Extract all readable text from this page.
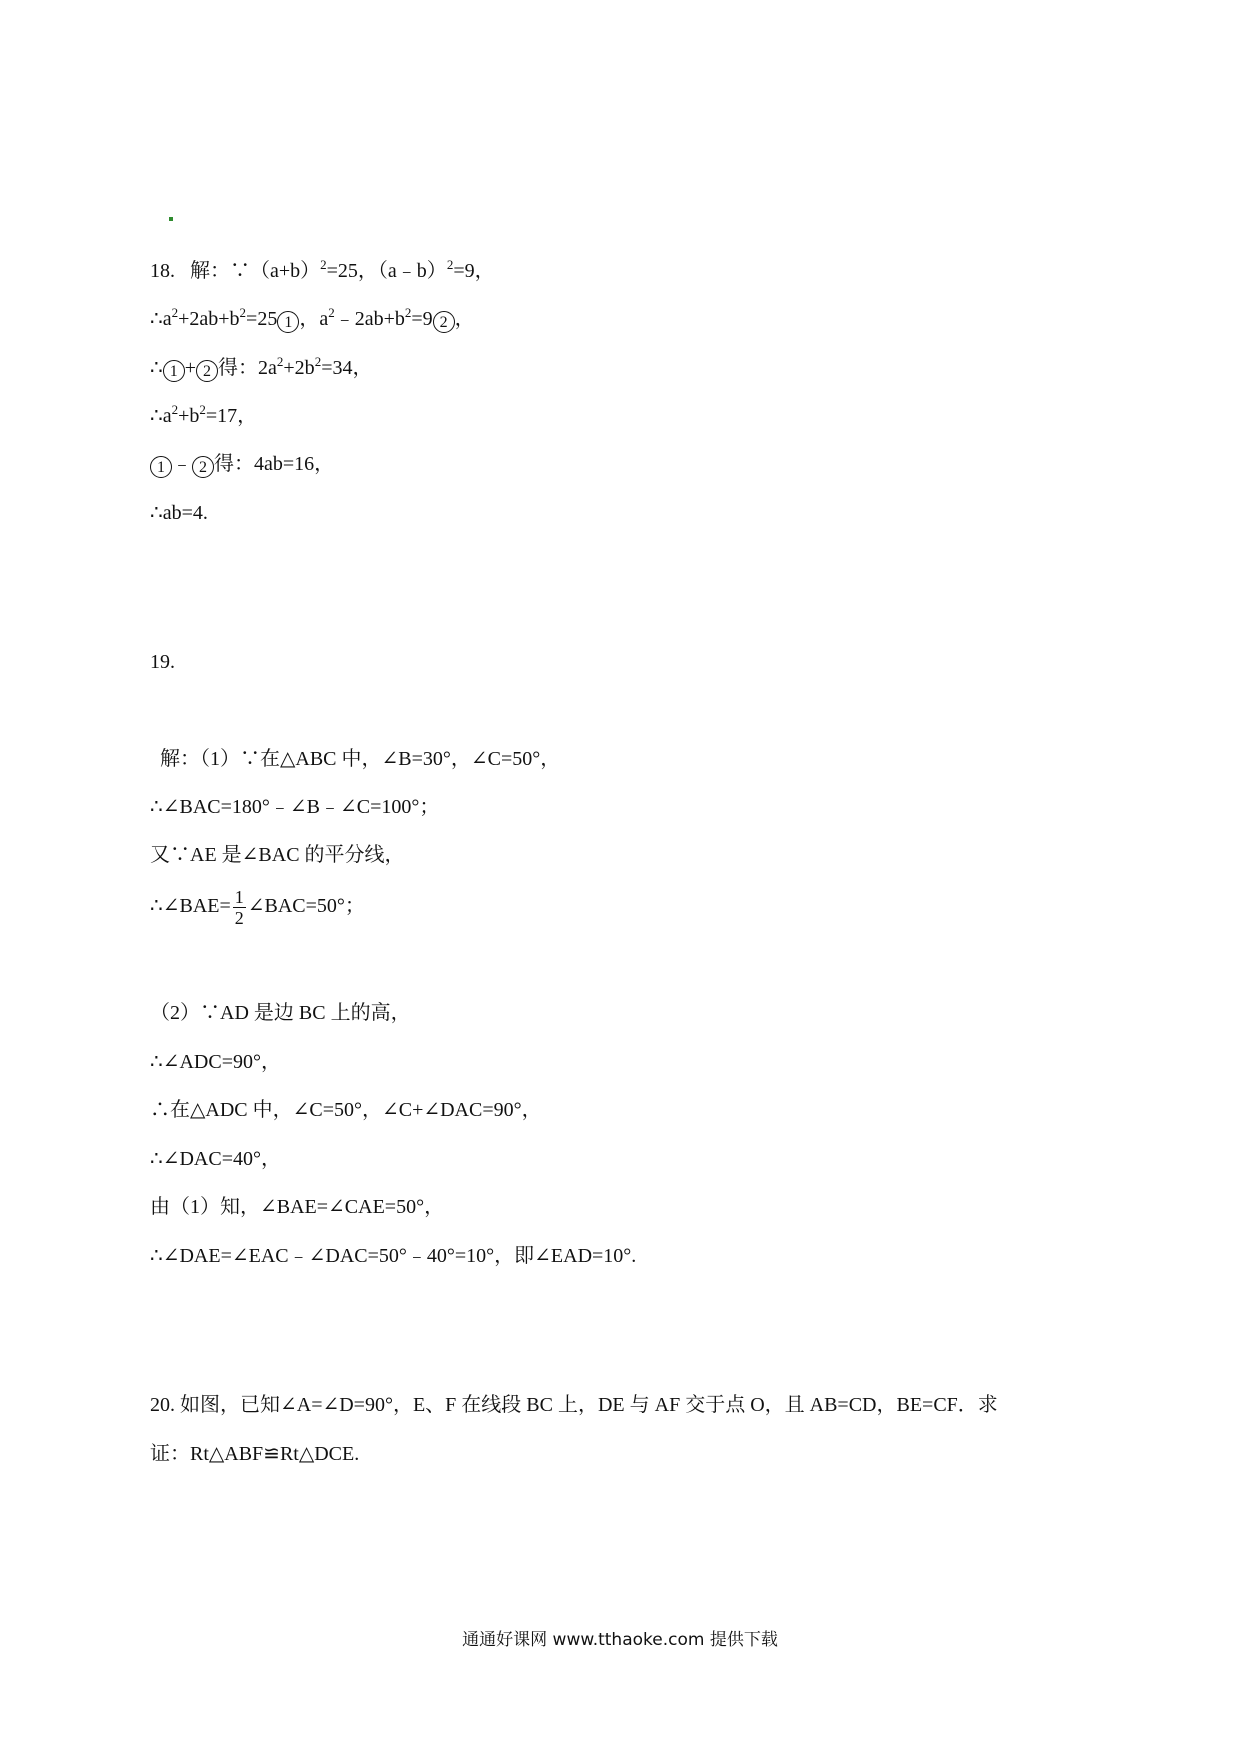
18. 解：$\because(a+b)^2=25$，（a﹣b）$^2$=9，
$\therefore a^2+2ab+b^2=25$ 1 ，$a^2﹣2ab+b^2=9$ 2 ，
∴ 1 + 2 得：$2a^2+2b^2=34$，
$\therefore a^2+b^2=17$，
1 ﹣ 2 得：4ab=16，
∴ab=4.
19.
解：（1）∵在△ABC 中，∠B=30°，∠C=50°，
∴∠BAC=180°﹣∠B﹣∠C=100°；
又∵AE 是∠BAC 的平分线，
∴∠BAE= $\frac{1}{2}$ ∠BAC=50°；
（2）∵AD 是边 BC 上的高，
∴∠ADC=90°，
∴在△ADC 中，∠C=50°，∠C+∠DAC=90°，
∴∠DAC=40°，
由（1）知，∠BAE=∠CAE=50°，
∴∠DAE=∠EAC﹣∠DAC=50°﹣40°=10°，即∠EAD=10°.
20. 如图，已知∠A=∠D=90°，E、F 在线段 BC 上，DE 与 AF 交于点 O，且 AB=CD，BE=CF．求
证：Rt△ABF≌Rt△DCE.
通通好课网 www.tthaoke.com 提供下载
